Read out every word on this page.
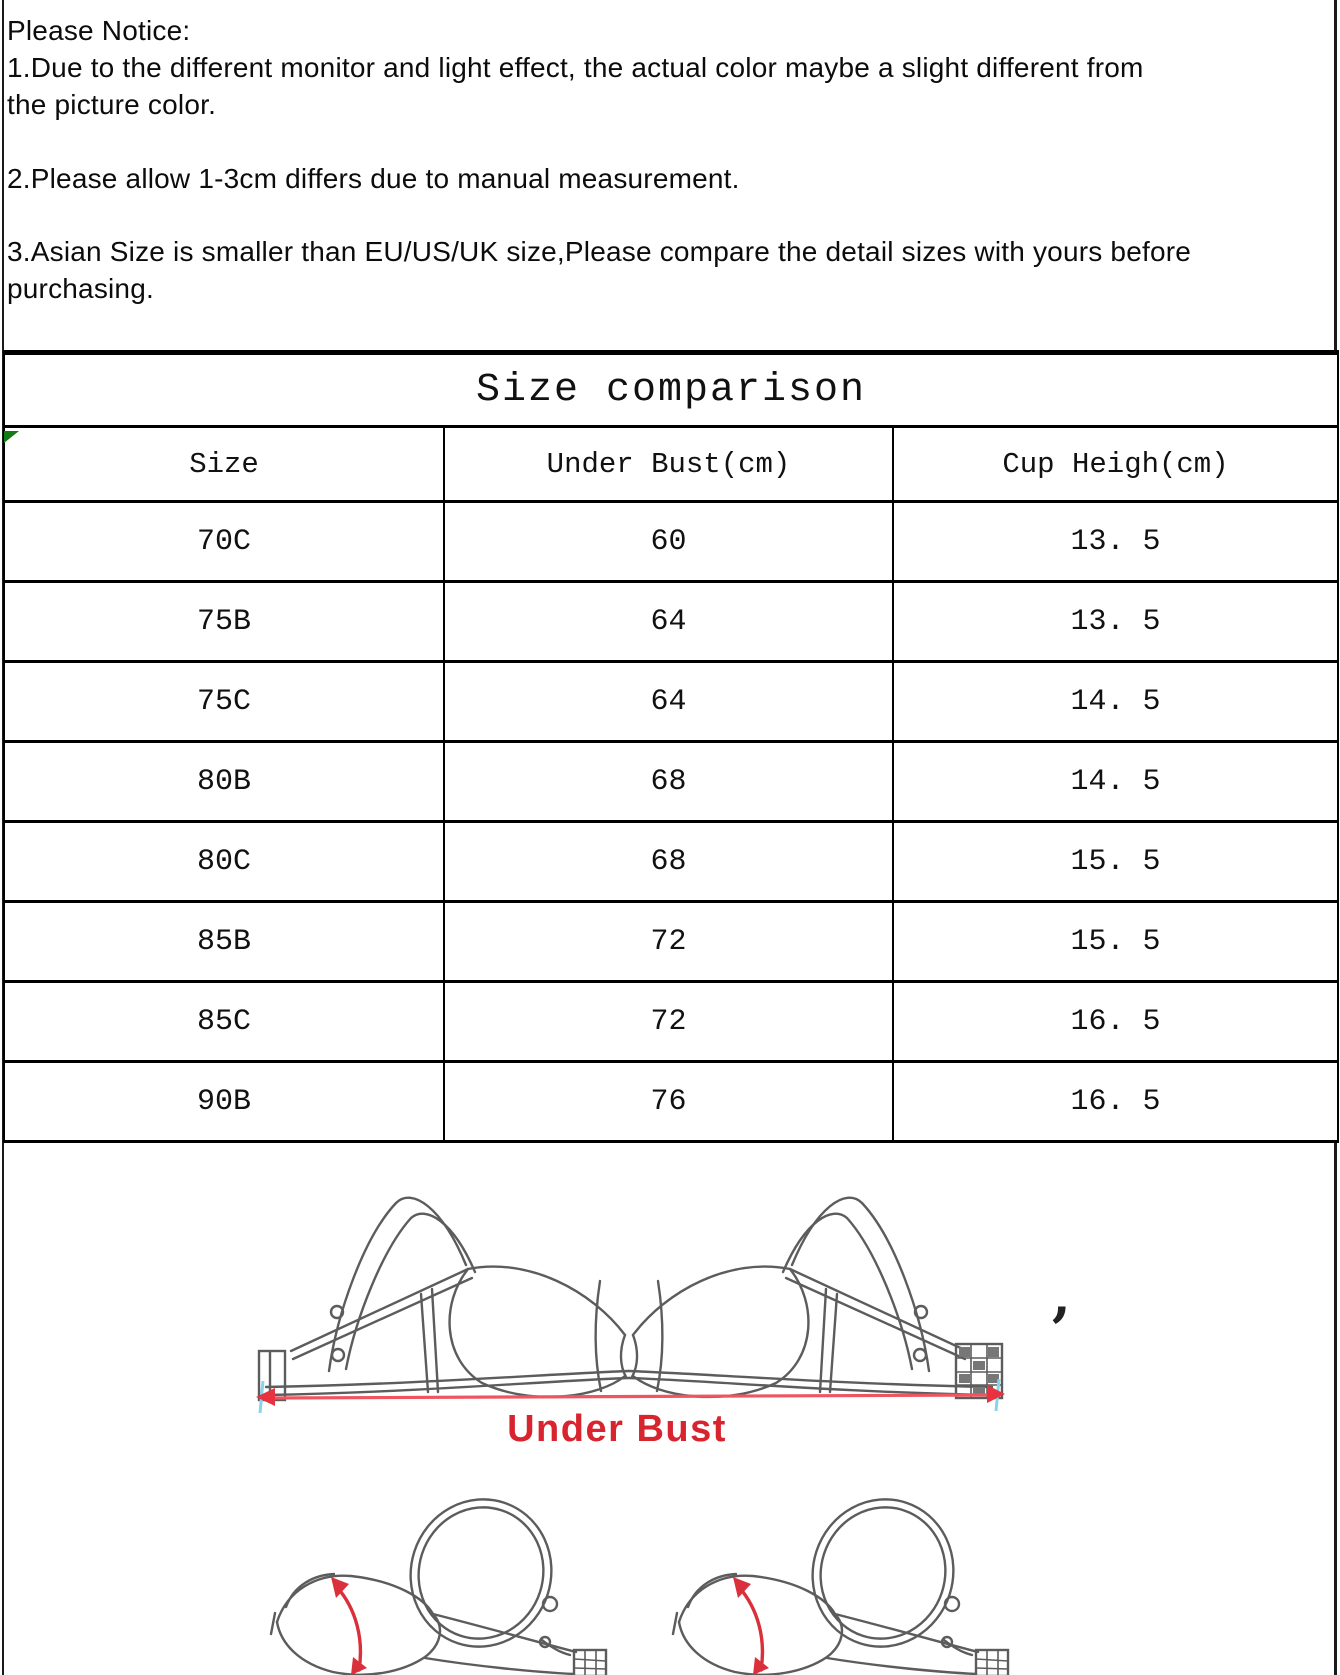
Please Notice:
1.Due to the different monitor and light effect, the actual color maybe a slight different from
the picture color.
2.Please allow 1-3cm differs due to manual measurement.
3.Asian Size is smaller than EU/US/UK size,Please compare the detail sizes with yours before
purchasing.
Size comparison		
Size	Under Bust(cm)	Cup Heigh(cm)
70C	60	13. 5
75B	64	13. 5
75C	64	14. 5
80B	68	14. 5
80C	68	15. 5
85B	72	15. 5
85C	72	16. 5
90B	76	16. 5
Under Bust
,
